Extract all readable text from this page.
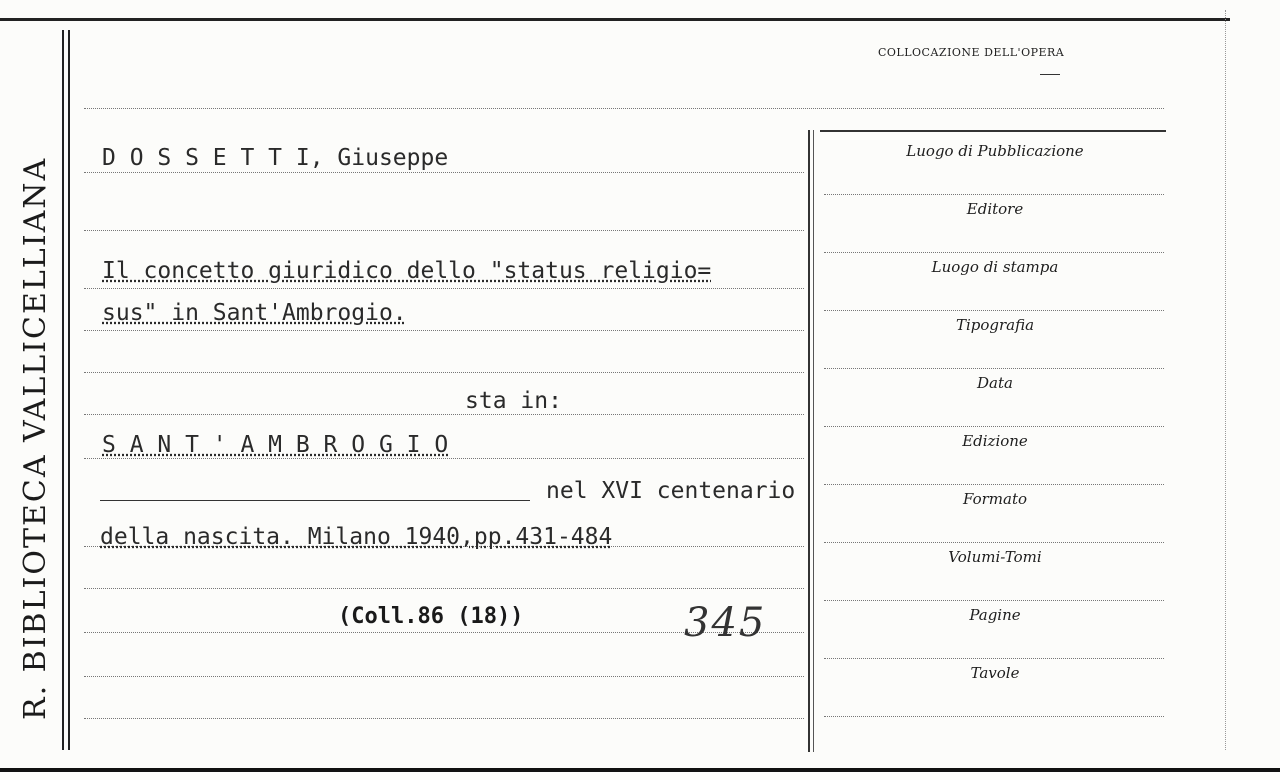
R. BIBLIOTECA VALLICELLIANA
COLLOCAZIONE DELL'OPERA
Luogo di Pubblicazione
Editore
Luogo di stampa
Tipografia
Data
Edizione
Formato
Volumi-Tomi
Pagine
Tavole
D O S S E T T I, Giuseppe
Il concetto giuridico dello "status religio=
sus" in Sant'Ambrogio.
sta in:
S A N T ' A M B R O G I O
nel XVI centenario
della nascita. Milano 1940,pp.431-484
(Coll.86 (18))	345
